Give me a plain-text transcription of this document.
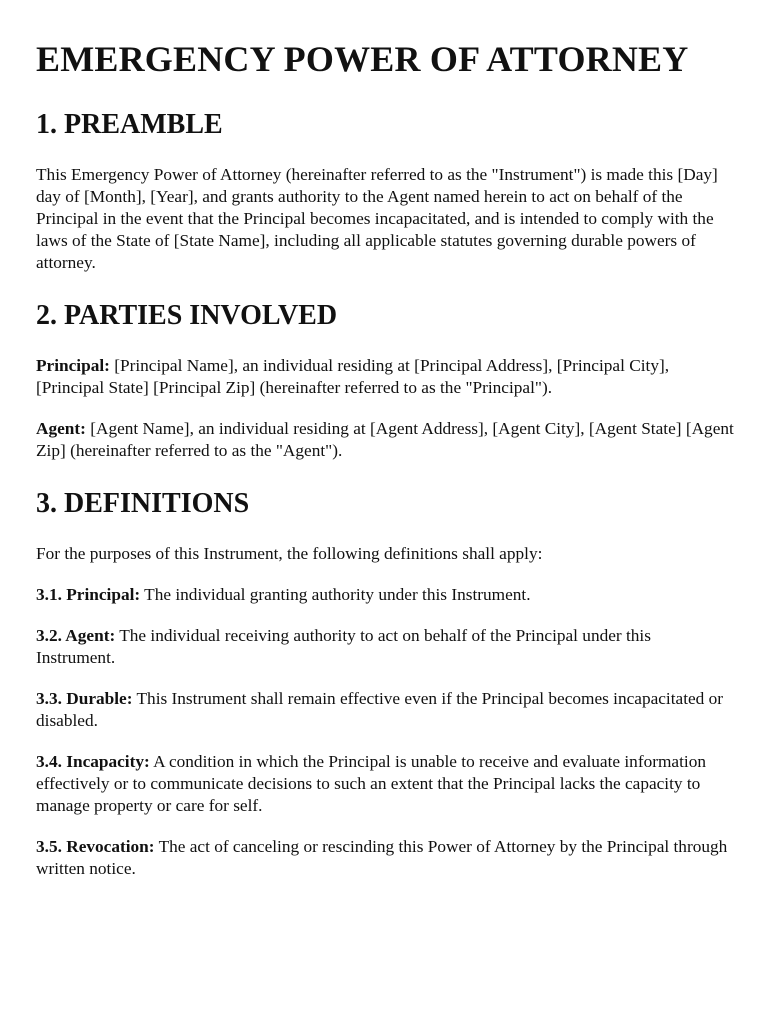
EMERGENCY POWER OF ATTORNEY
1. PREAMBLE

This Emergency Power of Attorney (hereinafter referred to as the "Instrument") is made this [Day] day of [Month], [Year], and grants authority to the Agent named herein to act on behalf of the Principal in the event that the Principal becomes incapacitated, and is intended to comply with the laws of the State of [State Name], including all applicable statutes governing durable powers of attorney.

2. PARTIES INVOLVED

Principal: [Principal Name], an individual residing at [Principal Address], [Principal City], [Principal State] [Principal Zip] (hereinafter referred to as the "Principal").

Agent: [Agent Name], an individual residing at [Agent Address], [Agent City], [Agent State] [Agent Zip] (hereinafter referred to as the "Agent").

3. DEFINITIONS

For the purposes of this Instrument, the following definitions shall apply:

3.1. Principal: The individual granting authority under this Instrument.

3.2. Agent: The individual receiving authority to act on behalf of the Principal under this Instrument.

3.3. Durable: This Instrument shall remain effective even if the Principal becomes incapacitated or disabled.

3.4. Incapacity: A condition in which the Principal is unable to receive and evaluate information effectively or to communicate decisions to such an extent that the Principal lacks the capacity to manage property or care for self.

3.5. Revocation: The act of canceling or rescinding this Power of Attorney by the Principal through written notice.
